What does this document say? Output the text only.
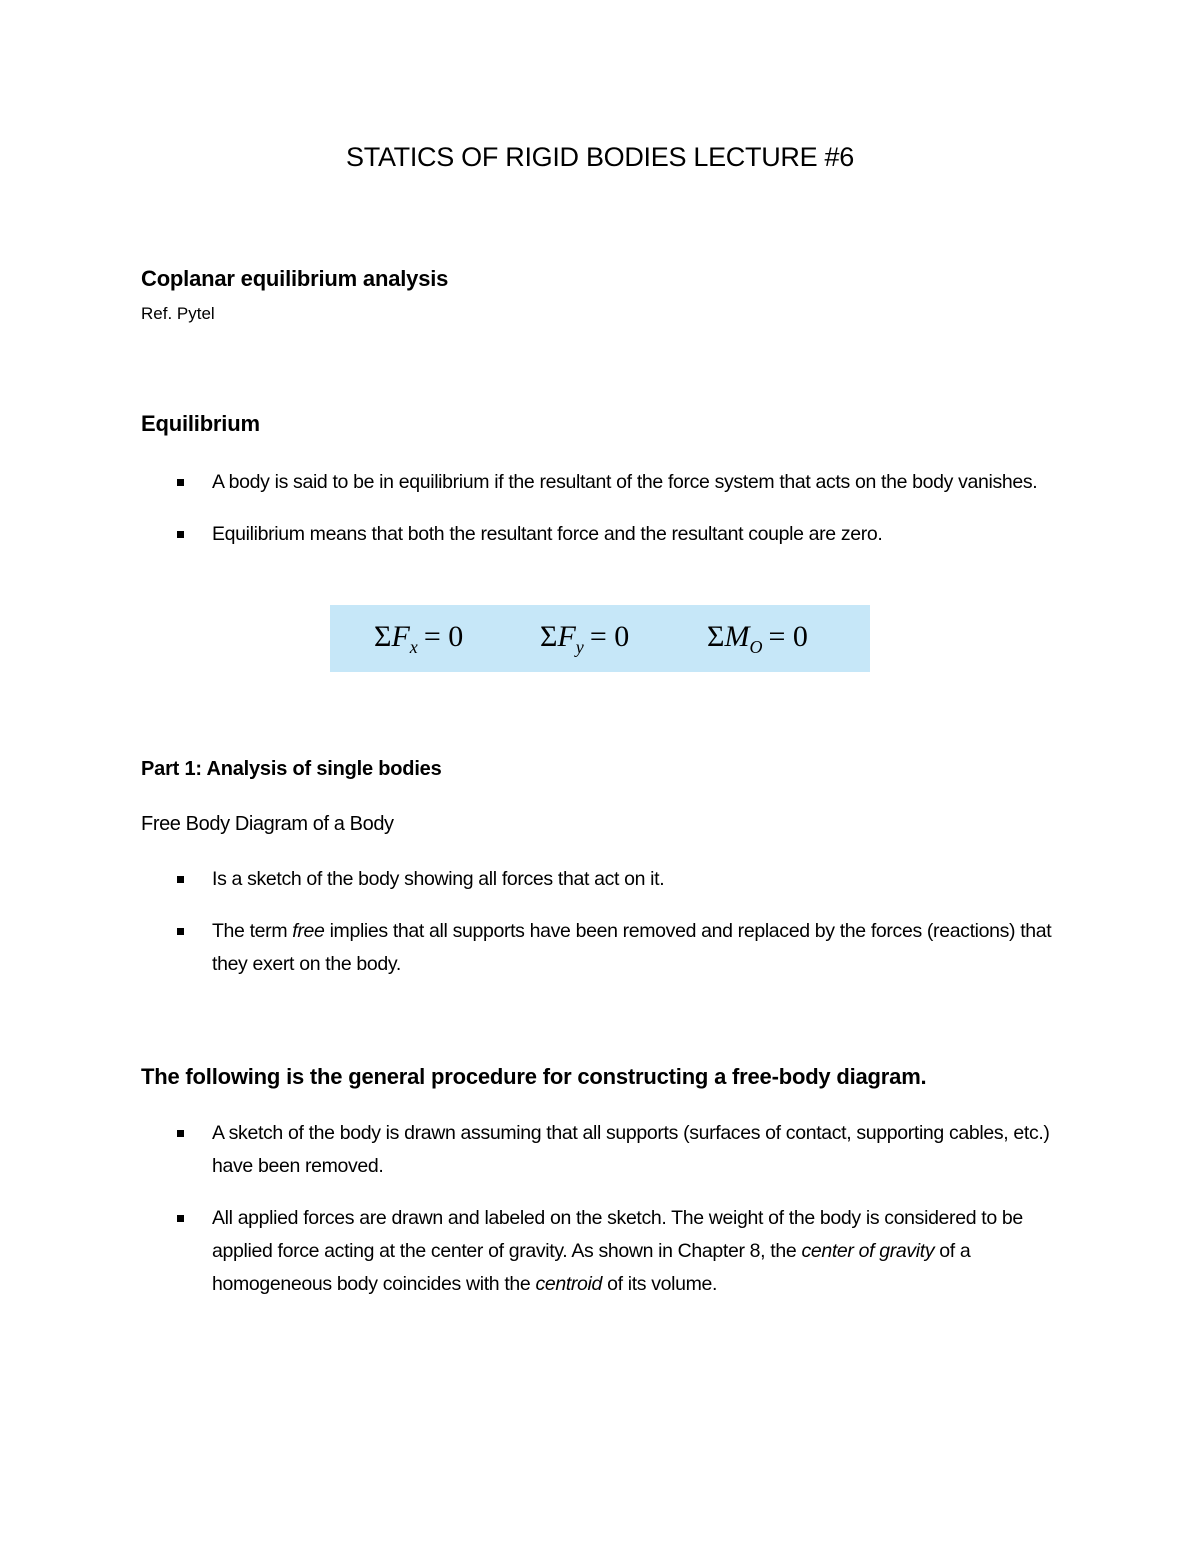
STATICS OF RIGID BODIES LECTURE #6
Coplanar equilibrium analysis

Ref. Pytel

Equilibrium
A body is said to be in equilibrium if the resultant of the force system that acts on the body vanishes.
Equilibrium means that both the resultant force and the resultant couple are zero.
$\Sigma F_x = 0$	$\Sigma F_y = 0$	$\Sigma M_O = 0$
Part 1: Analysis of single bodies
Free Body Diagram of a Body
Is a sketch of the body showing all forces that act on it.
The term free implies that all supports have been removed and replaced by the forces (reactions) that they exert on the body.
The following is the general procedure for constructing a free-body diagram.
A sketch of the body is drawn assuming that all supports (surfaces of contact, supporting cables, etc.) have been removed.
All applied forces are drawn and labeled on the sketch. The weight of the body is considered to be applied force acting at the center of gravity. As shown in Chapter 8, the center of gravity of a homogeneous body coincides with the centroid of its volume.
